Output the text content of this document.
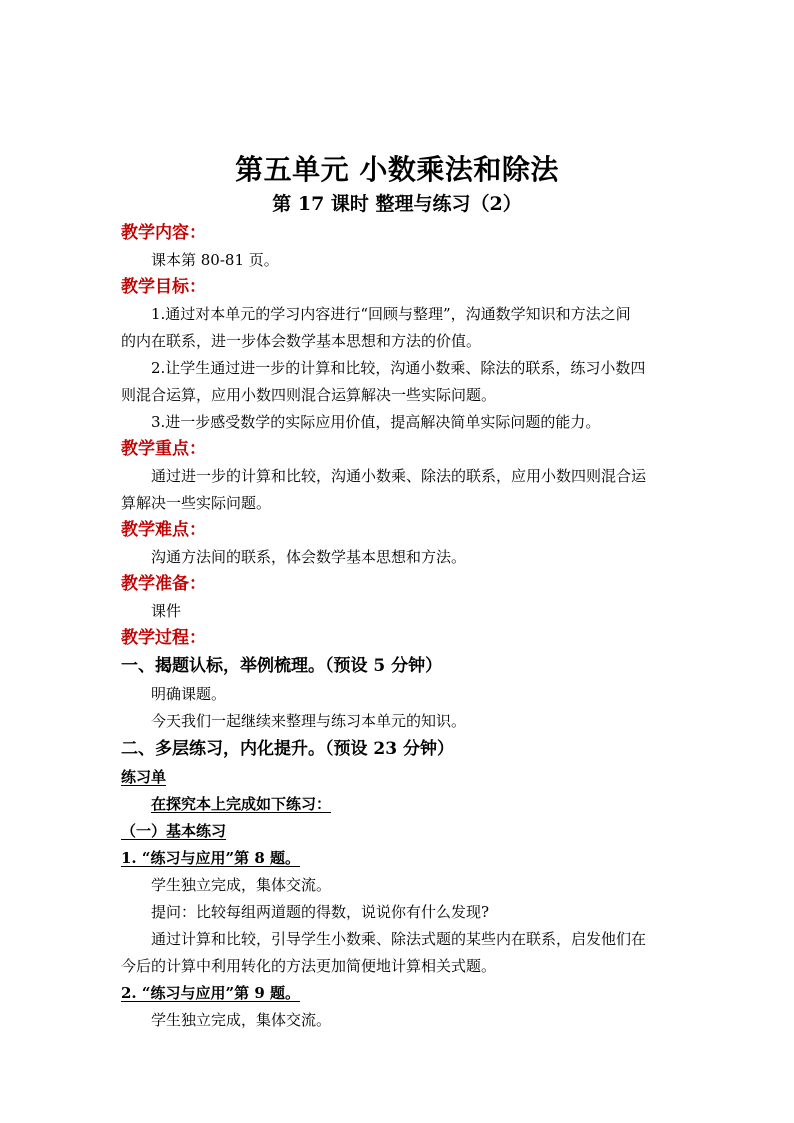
第五单元 小数乘法和除法
第 17 课时 整理与练习（2）
教学内容：
课本第 80-81 页。
教学目标：
1.通过对本单元的学习内容进行“回顾与整理”，沟通数学知识和方法之间
的内在联系，进一步体会数学基本思想和方法的价值。
2.让学生通过进一步的计算和比较，沟通小数乘、除法的联系，练习小数四
则混合运算，应用小数四则混合运算解决一些实际问题。
3.进一步感受数学的实际应用价值，提高解决简单实际问题的能力。
教学重点：
通过进一步的计算和比较，沟通小数乘、除法的联系，应用小数四则混合运
算解决一些实际问题。
教学难点：
沟通方法间的联系，体会数学基本思想和方法。
教学准备：
课件
教学过程：
一、揭题认标，举例梳理。（预设 5 分钟）
明确课题。
今天我们一起继续来整理与练习本单元的知识。
二、多层练习，内化提升。（预设 23 分钟）
练习单
在探究本上完成如下练习：
（一）基本练习
1. “练习与应用”第 8 题。
学生独立完成，集体交流。
提问：比较每组两道题的得数，说说你有什么发现?
通过计算和比较，引导学生小数乘、除法式题的某些内在联系，启发他们在
今后的计算中利用转化的方法更加简便地计算相关式题。
2. “练习与应用”第 9 题。
学生独立完成，集体交流。
